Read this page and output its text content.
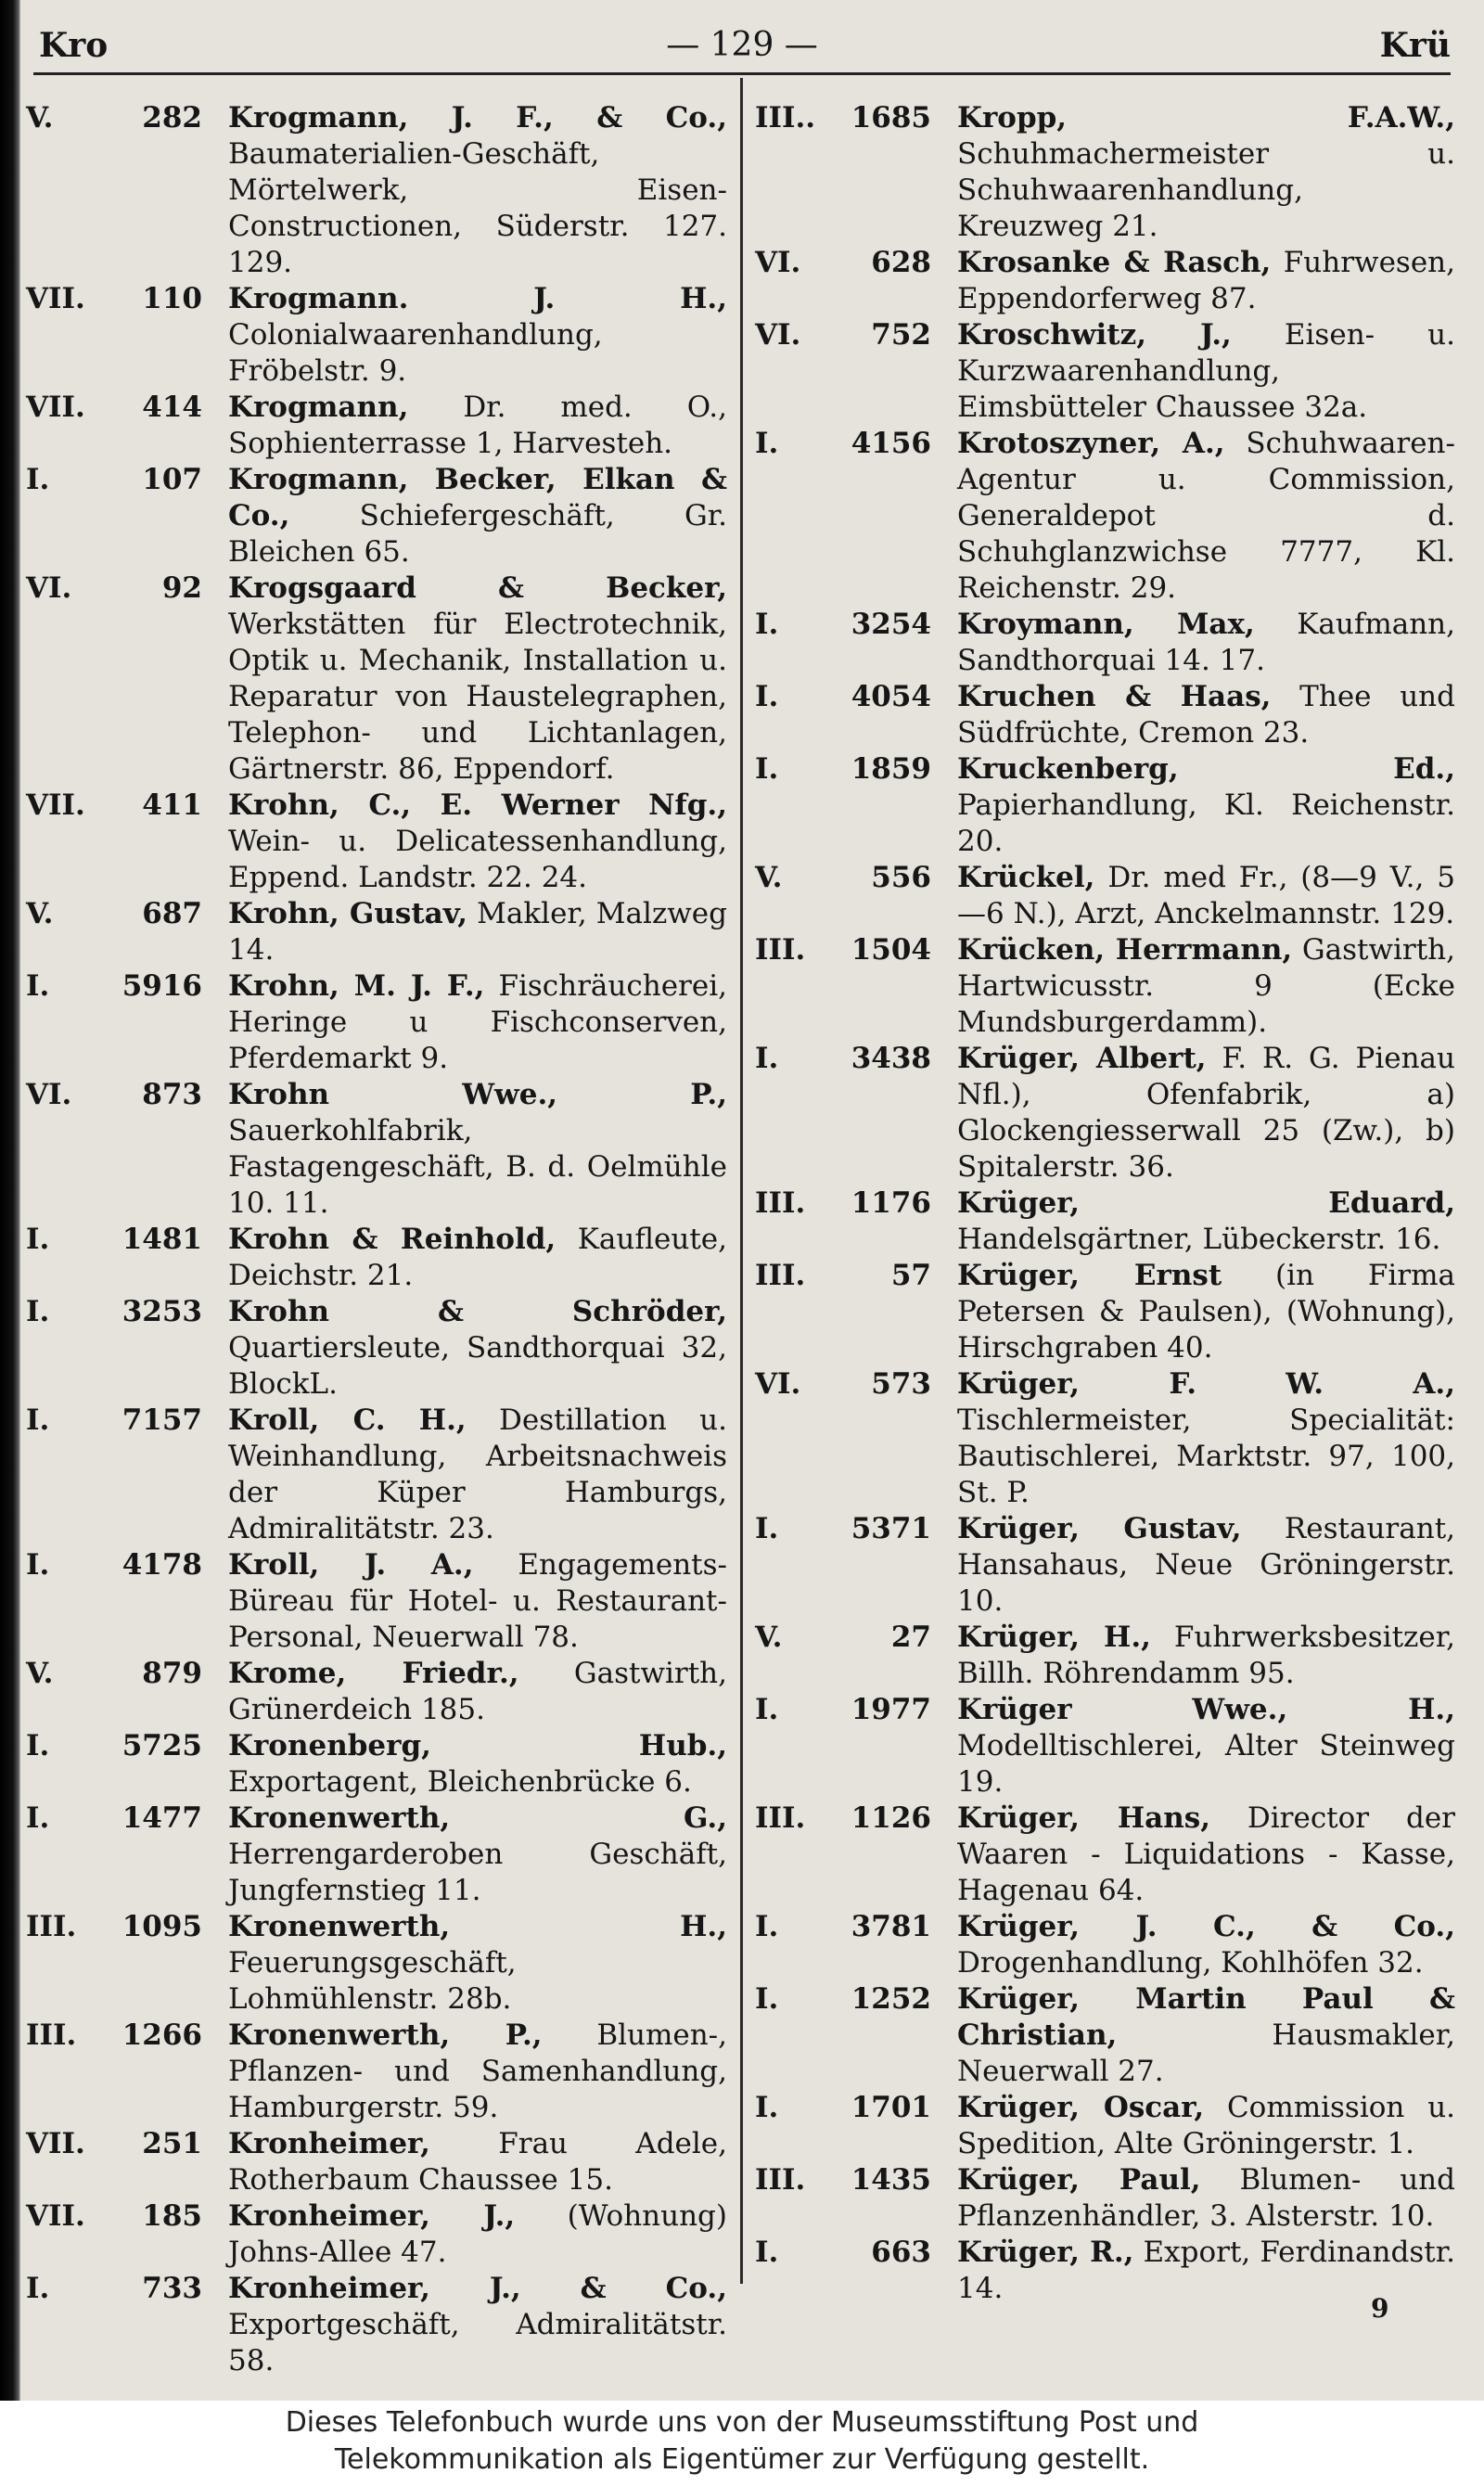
Kro	— 129 —	Krü
V.	282 Krogmann, J. F., & Co., Baumaterialien-Geschäft, Mörtelwerk, Eisen-Constructionen, Süderstr. 127. 129.
VII. 110 Krogmann. J. H., Colonialwaarenhandlung, Fröbelstr. 9.
VII. 414 Krogmann, Dr. med. O., Sophienterrasse 1, Harvesteh.
I.	107 Krogmann, Becker, Elkan & Co., Schiefergeschäft, Gr. Bleichen 65.
VI.	92 Krogsgaard & Becker, Werkstätten für Electrotechnik, Optik u. Mechanik, Installation u. Reparatur von Haustelegraphen, Telephon- und Lichtanlagen, Gärtnerstr. 86, Eppendorf.
VII. 411 Krohn, C., E. Werner Nfg., Wein- u. Delicatessenhandlung, Eppend. Landstr. 22. 24.
V.	687 Krohn, Gustav, Makler, Malzweg 14.
I.	5916 Krohn, M. J. F., Fischräucherei, Heringe u Fischconserven, Pferdemarkt 9.
VI. 873 Krohn Wwe., P., Sauerkohlfabrik, Fastagengeschäft, B. d. Oelmühle 10. 11.
I.	1481 Krohn & Reinhold, Kaufleute, Deichstr. 21.
I.	3253 Krohn & Schröder, Quartiersleute, Sandthorquai 32, BlockL.
I.	7157 Kroll, C. H., Destillation u. Weinhandlung, Arbeitsnachweis der Küper Hamburgs, Admiralitätstr. 23.
I.	4178 Kroll, J. A., Engagements-Büreau für Hotel- u. Restaurant-Personal, Neuerwall 78.
V.	879 Krome, Friedr., Gastwirth, Grünerdeich 185.
I.	5725 Kronenberg, Hub., Exportagent, Bleichenbrücke 6.
I.	1477 Kronenwerth, G., Herrengarderoben Geschäft, Jungfernstieg 11.
III. 1095 Kronenwerth, H., Feuerungsgeschäft, Lohmühlenstr. 28b.
III. 1266 Kronenwerth, P., Blumen-, Pflanzen- und Samenhandlung, Hamburgerstr. 59.
VII. 251 Kronheimer, Frau Adele, Rotherbaum Chaussee 15.
VII. 185 Kronheimer, J., (Wohnung) Johns-Allee 47.
I.	733 Kronheimer, J., & Co., Exportgeschäft, Admiralitätstr. 58.
III.. 1685 Kropp, F.A.W., Schuhmachermeister u. Schuhwaarenhandlung, Kreuzweg 21.
VI. 628 Krosanke & Rasch, Fuhrwesen, Eppendorferweg 87.
VI. 752 Kroschwitz, J., Eisen- u. Kurzwaarenhandlung, Eimsbütteler Chaussee 32a.
I.	4156 Krotoszyner, A., Schuhwaaren-Agentur u. Commission, Generaldepot d. Schuhglanzwichse 7777, Kl. Reichenstr. 29.
I.	3254 Kroymann, Max, Kaufmann, Sandthorquai 14. 17.
I.	4054 Kruchen & Haas, Thee und Südfrüchte, Cremon 23.
I.	1859 Kruckenberg, Ed., Papierhandlung, Kl. Reichenstr. 20.
V.	556 Krückel, Dr. med Fr., (8—9 V., 5—6 N.), Arzt, Anckelmannstr. 129.
III. 1504 Krücken, Herrmann, Gastwirth, Hartwicusstr. 9 (Ecke Mundsburgerdamm).
I.	3438 Krüger, Albert, F. R. G. Pienau Nfl.), Ofenfabrik, a) Glockengiesserwall 25 (Zw.), b) Spitalerstr. 36.
III. 1176 Krüger, Eduard, Handelsgärtner, Lübeckerstr. 16.
III.	57 Krüger, Ernst (in Firma Petersen & Paulsen), (Wohnung), Hirschgraben 40.
VI. 573 Krüger, F. W. A., Tischlermeister, Specialität: Bautischlerei, Marktstr. 97, 100, St. P.
I.	5371 Krüger, Gustav, Restaurant, Hansahaus, Neue Gröningerstr. 10.
V.	27 Krüger, H., Fuhrwerksbesitzer, Billh. Röhrendamm 95.
I.	1977 Krüger Wwe., H., Modelltischlerei, Alter Steinweg 19.
III. 1126 Krüger, Hans, Director der Waaren - Liquidations - Kasse, Hagenau 64.
I.	3781 Krüger, J. C., & Co., Drogenhandlung, Kohlhöfen 32.
I.	1252 Krüger, Martin Paul & Christian,	Hausmakler, Neuerwall 27.
I.	1701 Krüger, Oscar, Commission u. Spedition, Alte Gröningerstr. 1.
III. 1435 Krüger, Paul, Blumen- und Pflanzenhändler, 3. Alsterstr. 10.
I.	663 Krüger, R., Export, Ferdinandstr. 14.
9
Dieses Telefonbuch wurde uns von der Museumsstiftung Post und
Telekommunikation als Eigentümer zur Verfügung gestellt.
